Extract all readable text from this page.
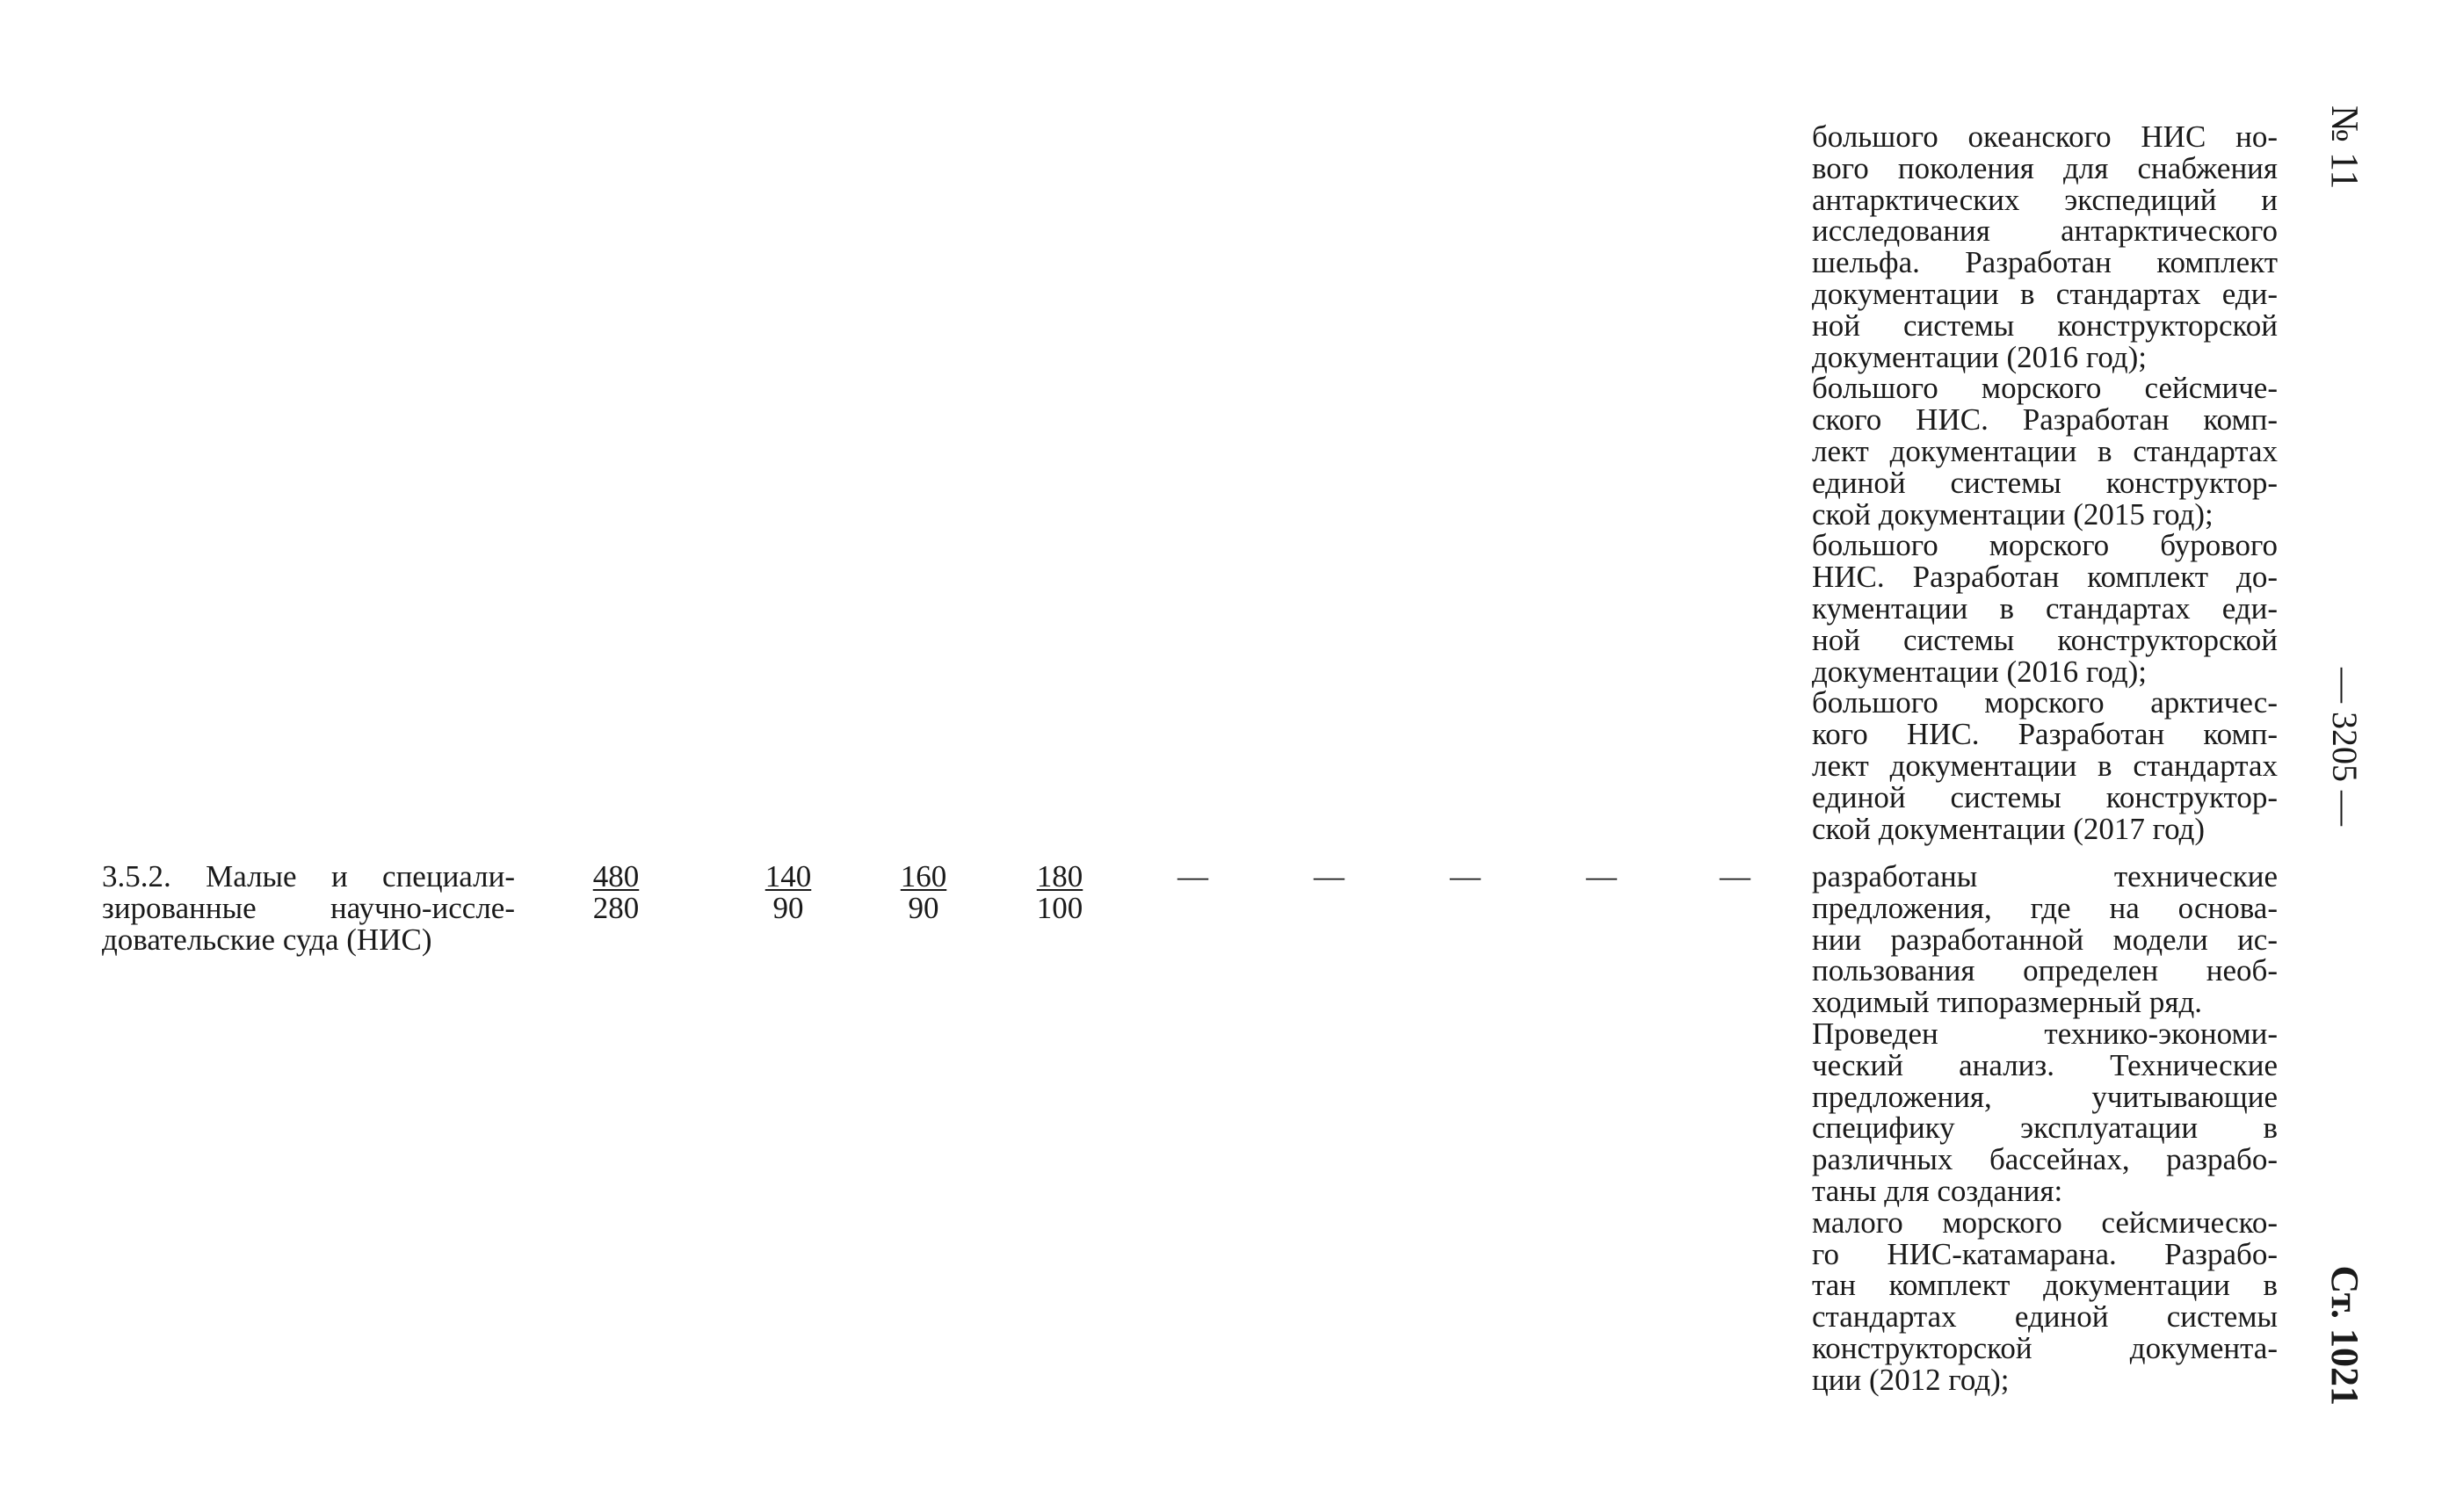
№ 11
— 3205 —
Ст. 1021
большого океанского НИС но-
вого поколения для снабжения
антарктических экспедиций и
исследования антарктического
шельфа. Разработан комплект
документации в стандартах еди-
ной системы конструкторской
документации (2016 год);
большого морского сейсмиче-
ского НИС. Разработан комп-
лект документации в стандартах
единой системы конструктор-
ской документации (2015 год);
большого морского бурового
НИС. Разработан комплект до-
кументации в стандартах еди-
ной системы конструкторской
документации (2016 год);
большого морского арктичес-
кого НИС. Разработан комп-
лект документации в стандартах
единой системы конструктор-
ской документации (2017 год)
3.5.2. Малые и специали-
зированные научно-иссле-
довательские суда (НИС)
$\frac{480}{280}$	$\frac{140}{90}$	$\frac{160}{90}$	$\frac{180}{100}$	—	—	—	—	— разработаны технические
предложения, где на основа-
нии разработанной модели ис-
пользования определен необ-
ходимый типоразмерный ряд.
Проведен технико-экономи-
ческий анализ. Технические
предложения, учитывающие
специфику эксплуатации в
различных бассейнах, разрабо-
таны для создания:
малого морского сейсмическо-
го НИС-катамарана. Разрабо-
тан комплект документации в
стандартах единой системы
конструкторской документа-
ции (2012 год);
